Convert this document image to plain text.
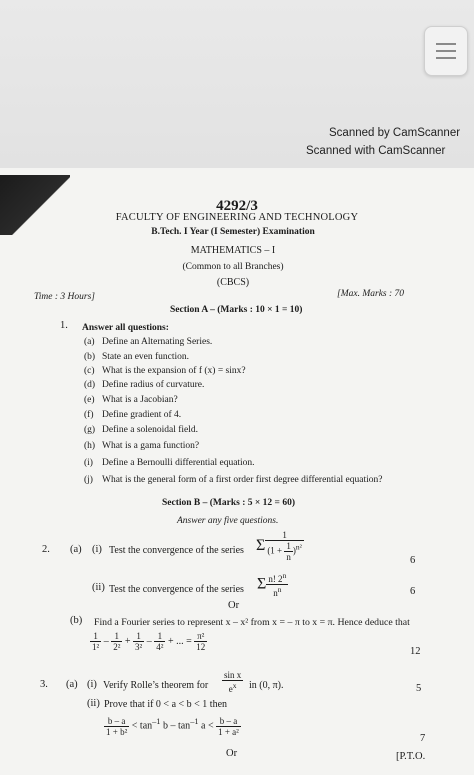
Scanned by CamScanner
Scanned with CamScanner
4292/3
FACULTY OF ENGINEERING AND TECHNOLOGY
B.Tech. I Year (I Semester) Examination
MATHEMATICS – I
(Common to all Branches)
(CBCS)
Time : 3 Hours]	[Max. Marks : 70
Section A – (Marks : 10 × 1 = 10)
1. Answer all questions:
(a) Define an Alternating Series.
(b) State an even function.
(c) What is the expansion of f (x) = sinx?
(d) Define radius of curvature.
(e) What is a Jacobian?
(f) Define gradient of 4.
(g) Define a solenoidal field.
(h) What is a gama function?
(i) Define a Bernoulli differential equation.
(j) What is the general form of a first order first degree differential equation?
Section B – (Marks : 5 × 12 = 60)
Answer any five questions.
2. (a) (i) Test the convergence of the series Σ $\frac{1}{(1 + \frac{1}{n} )^{n^2}}$	6
(ii) Test the convergence of the series Σ $\frac{n! 2^n}{n^n}$	6
Or
(b) Find a Fourier series to represent x – x² from x = – π to x = π. Hence deduce that
$\frac{1}{\text{1²}} - \frac{1}{\text{2²}} + \frac{1}{\text{3²}} - \frac{1}{\text{4²}}$ + ... = $\frac{\text{π²}}{12}$	12
3. (a) (i) Verify Rolle’s theorem for $\frac{\text{sin x}}{e^x}$ in (0, π).	5
(ii) Prove that if 0 < a < b < 1 then
$\frac{b - a}{\text{1 + b²}} < \tan^{-1} b - \tan^{-1} a < \frac{b - a}{\text{1 + a²}}$
7
Or	[P.T.O.
